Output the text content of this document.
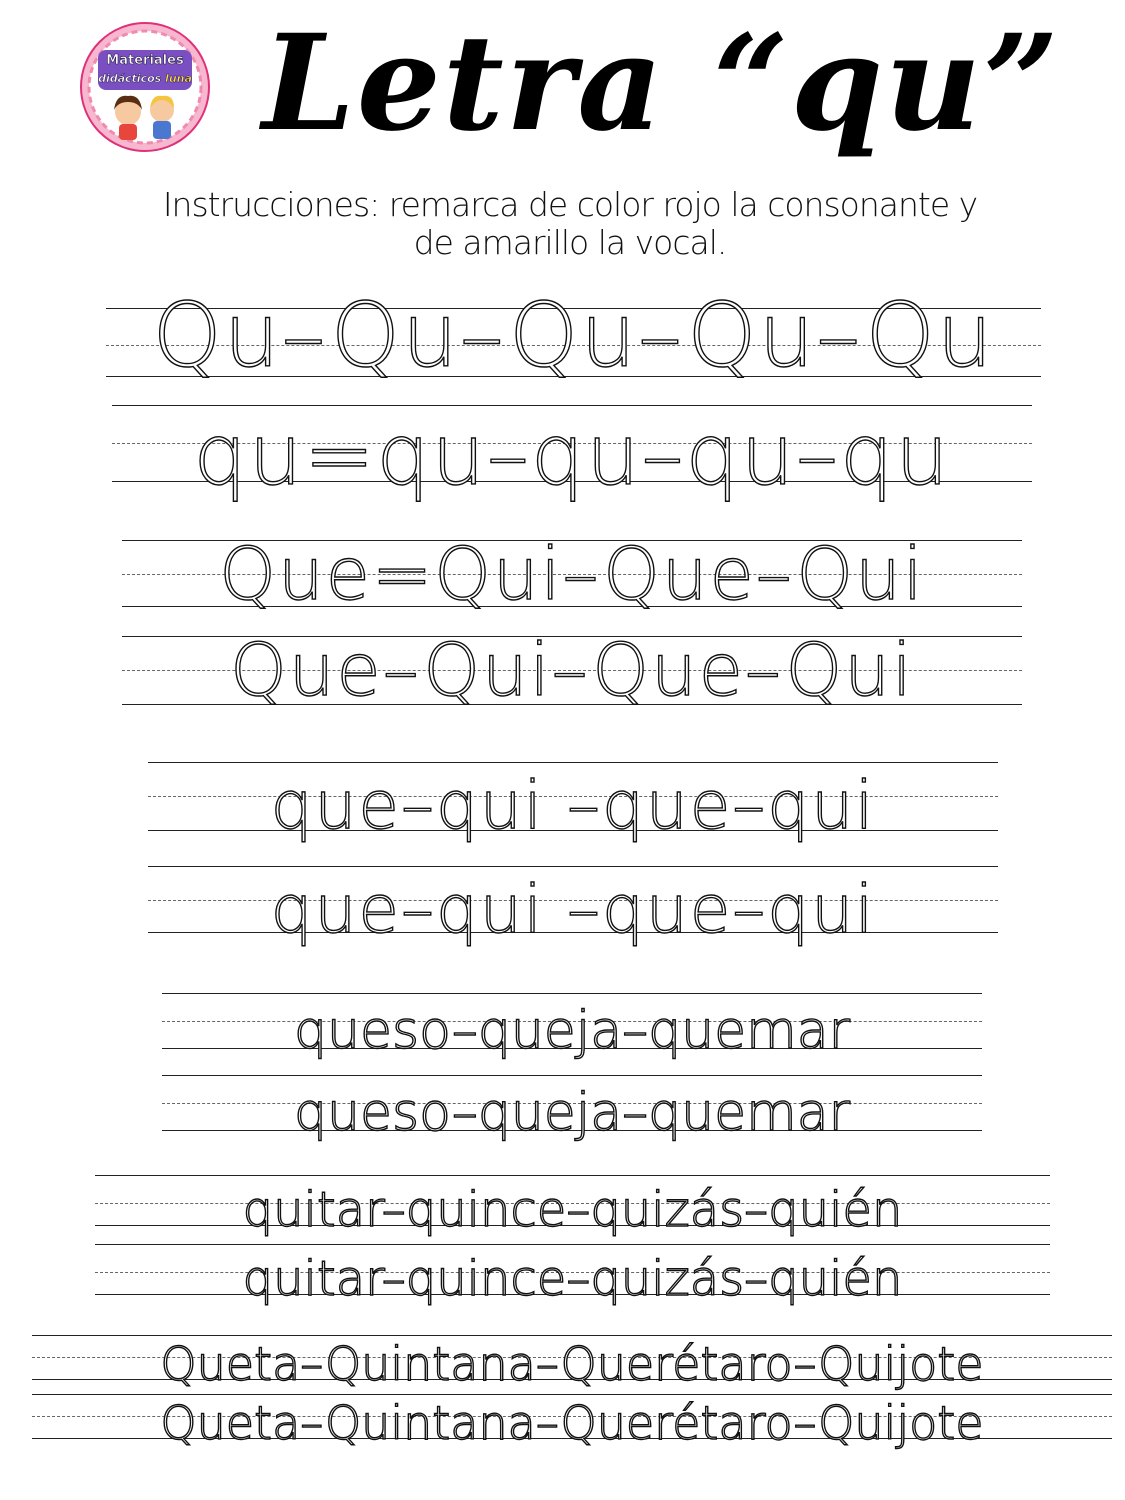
Materiales
didácticos luna Letra “qu”
Instrucciones: remarca de color rojo la consonante y
de amarillo la vocal.
Qu–Qu–Qu–Qu–Qu
qu=qu–qu–qu–qu
Que=Qui–Que–Qui
Que–Qui–Que–Qui
que–qui –que–qui
que–qui –que–qui
queso–queja–quemar
queso–queja–quemar
quitar–quince–quizás–quién
quitar–quince–quizás–quién
Queta–Quintana–Querétaro–Quijote
Queta–Quintana–Querétaro–Quijote
